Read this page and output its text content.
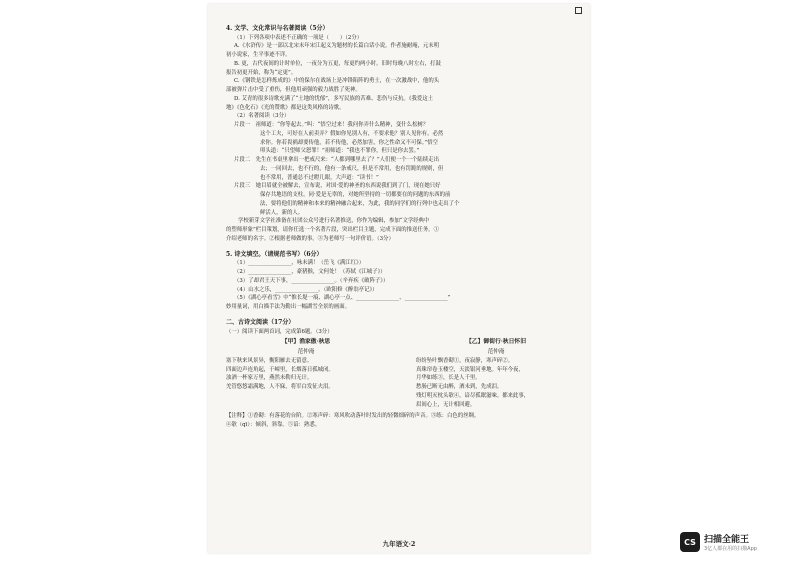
4. 文学、文化常识与名著阅读（5分）
（1）下列各项中表述不正确的一项是（　　）（2分）
A.《水浒传》是一部以北宋末年宋江起义为题材的长篇白话小说，作者施耐庵，元末明
初小说家，生平事迹不详。
B. 更，古代夜间的计时单位，一夜分为五更，每更约两小时。旧时每晚八时左右，打鼓
报告初更开始，称为“定更”。
C.《钢铁是怎样炼成的》中的保尔在战场上是冲锋陷阵的勇士，在一次激战中，他的头
部被弹片击中受了重伤，但他用顽强的毅力战胜了死神。
D. 艾青的很多诗歌充满了“土地的忧郁”，多写民族的苦难、悲伤与反抗。《我爱这土
地》《色化石》《光的赞歌》都是这类风格的诗歌。
（2）名著阅读（3分）
片段一　祖师道：“你等起去。”叫：“悟空过来！我问你弄什么精神，变什么松树？
这个工夫，可好在人前卖弄？假如你见别人有，不要求他？别人见你有，必然
求你。你若畏祸却要传他，若不传他，必然加害，你之性命又不可保。”悟空
叩头道：“只望师父恕罪！”祖师道：“我也不罪你，但只是你去罢。”
片段二　先生在书桌里拿出一把戒尺来：“人都到哪里去了？”人们便一个一个陆续走出
去；一同回去，也不行的，他有一条戒尺，但是不常用，也有罚跪的规则，但
也不常用，普通总不过瞪几眼，大声道：“读书！”
片段三　她目眉就全被解去，宣布说，对国·爱的神圣的东西说我们到了门，现在她只好
保存共地语的支柱，同·爱是无辜的，对她所坚持的一切都要在的问题的东西的前
法，要将他们的精神和本来的精神融合起来，为此，我的同学们的行列中也走出了个
鲜活人，新的人。
学校新芽文学社准备在社团公众号进行名著推送，你作为编辑，参加“文学经典中
的塑师形象”栏目策划，请你任选一个名著片段，突出栏目主题，完成下面的推送任务。①
介绍老师的名字。②根据老师做的事。③为老师写一句评价语。（3分）
5. 诗文填空。（请规范书写）（6分）
（1）________________，咏未满！（岳飞《满江红》）
（2）________________，豪猪猴，文何处！（苏轼《江城子》）
（3）了却君王天下事，________________。（辛弃疾《破阵子》）
（4）山水之乐，________________。（欧阳修《醉翁亭记》）
（5）《湖心亭看雪》中“惟长堤一痕、湖心亭一点、________________、________________”
妙用量词，用白描手法为勤出一幅湖雪全景的画面。
二、古诗文阅读（17分）
（一）阅读下面两首词，完成第6题。（3分）
【甲】渔家傲·秋思
范仲淹
塞下秋来风景异，衡阳雁去无留意。
四面边声连角起，千嶂里，长烟落日孤城闭。
浊酒一杯家万里，燕然未勒归无计。
羌管悠悠霜满地，人不寐，将军白发征夫泪。
【乙】御街行·秋日怀旧
范仲淹
纷纷坠叶飘香砌①，夜寂静，寒声碎②。
真珠帘卷玉楼空，天淡银河垂地。年年今夜，
月华如练③，长是人千里。
愁肠已断无由醉，酒未到，先成泪。
残灯明灭枕头欹④，谙尽孤眠滋味。都来此事，
眉间心上，无计相回避。
【注释】①香砌：有落花的台阶。②寒声碎：寒风吹动落叶时发出的轻微细碎的声音。③练：白色的丝绸。
④欹（qī）：倾斜，斜靠。⑤谙：熟悉。
九年语文·2	CS 扫描全能王
3亿人都在用的扫描App
